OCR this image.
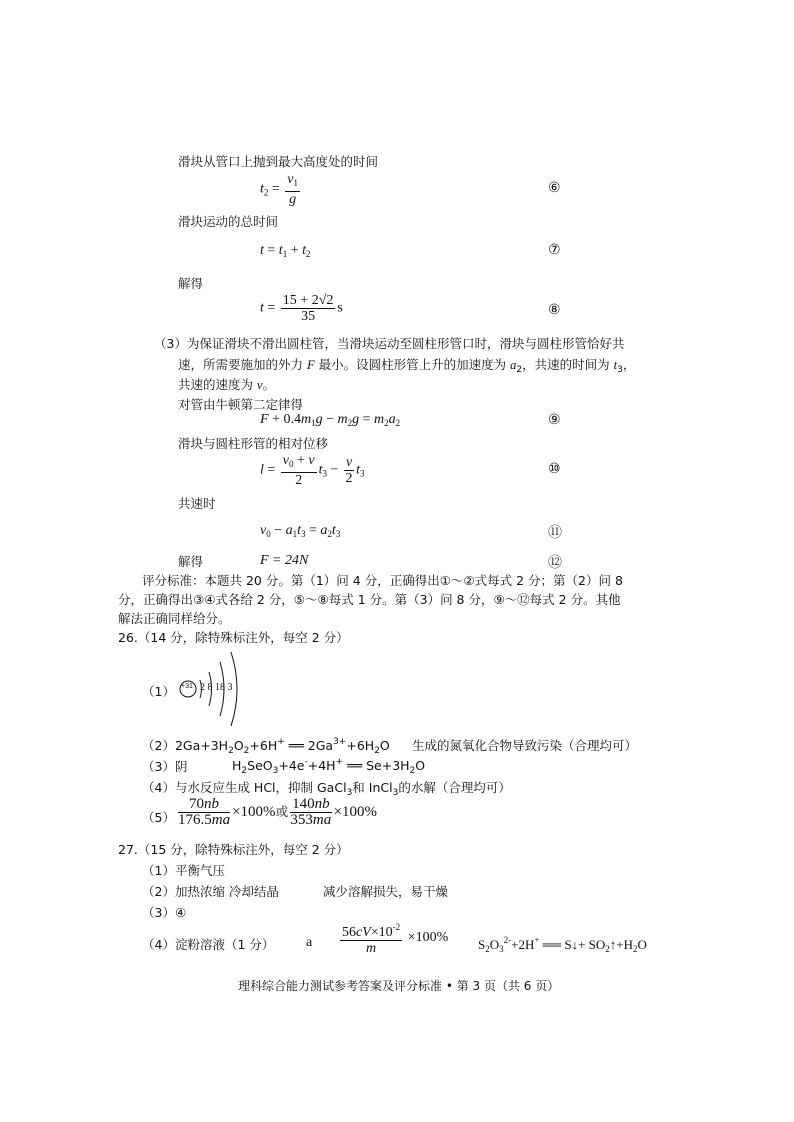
滑块从管口上抛到最大高度处的时间
$t_2 = \frac{v_1}{g}$	⑥
滑块运动的总时间
$t = t_1 + t_2$	⑦
解得
$t = \frac{15 + 2√2}{35}$ s	⑧
（3）为保证滑块不滑出圆柱管，当滑块运动至圆柱形管口时，滑块与圆柱形管恰好共
速，所需要施加的外力 F 最小。设圆柱形管上升的加速度为 $a_2$，共速的时间为 $t_3$，
共速的速度为 v。
对管由牛顿第二定律得
$F + 0.4m_1g - m_2g = m_2a_2$	⑨
滑块与圆柱形管的相对位移
$l = \frac{v_0 + v}{2} t_3 - \frac{v}{2} t_3$	⑩
共速时
$v_0 - a_1t_3 = a_2t_3$	⑪
解得	F = 24N	⑫
评分标准：本题共 20 分。第（1）问 4 分，正确得出①～②式每式 2 分；第（2）问 8
分，正确得出③④式各给 2 分，⑤～⑧每式 1 分。第（3）问 8 分，⑨～⑫每式 2 分。其他
解法正确同样给分。
26.（14 分，除特殊标注外，每空 2 分）
（1） +31 2 8 18 3
$(2)2Ga+3H_2O_2+6H^+$ ══ $2Ga^{3+}+6H_2O$ 生成的氮氧化合物导致污染（合理均可）
（3）阴	$H_2SeO_3+4e^-+4H^+$ ══ $Se+3H_2O$
（4）与水反应生成 HCl，抑制 GaCl$_3$和 InCl$_3$的水解（合理均可）
$(5) \frac{70nb}{176.5ma} \times 100\%$或 $\frac{140nb}{353ma} \times 100\%$
27.（15 分，除特殊标注外，每空 2 分）
（1）平衡气压
（2）加热浓缩 冷却结晶	减少溶解损失，易干燥
（3）④
（4）淀粉溶液（1 分） a $\frac{56cV\times 10^{-2}}{m} \times 100\%$ $S_2O_3^{2-}+2H^+$ ══ S↓+ $SO_2↑+H_2O$
理科综合能力测试参考答案及评分标准 • 第 3 页（共 6 页）
